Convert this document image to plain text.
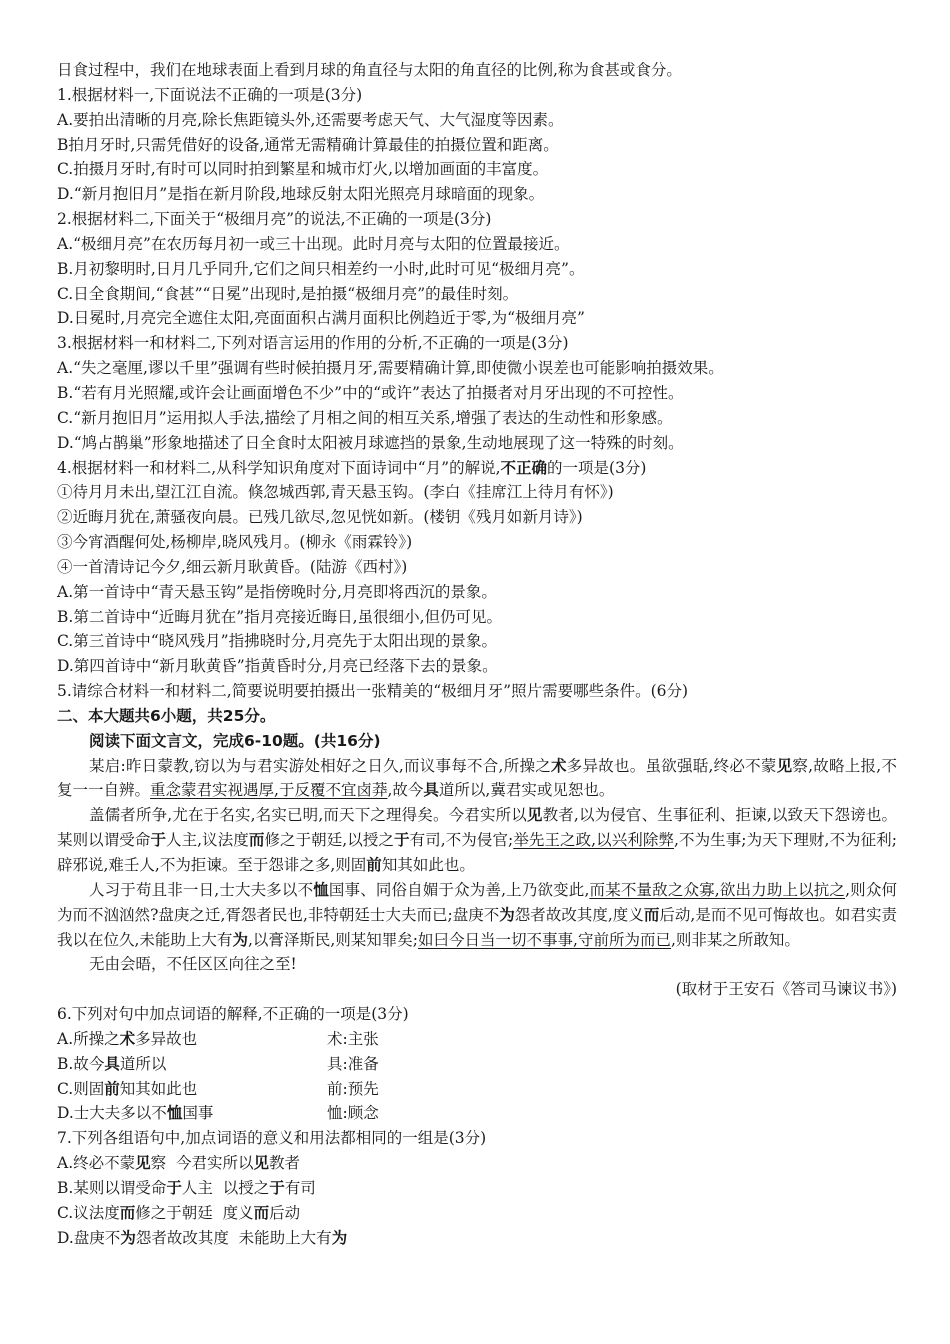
日食过程中，我们在地球表面上看到月球的角直径与太阳的角直径的比例,称为食甚或食分。
1.根据材料一,下面说法不正确的一项是(3分)
A.要拍出清晰的月亮,除长焦距镜头外,还需要考虑天气、大气湿度等因素。
B拍月牙时,只需凭借好的设备,通常无需精确计算最佳的拍摄位置和距离。
C.拍摄月牙时,有时可以同时拍到繁星和城市灯火,以增加画面的丰富度。
D.“新月抱旧月”是指在新月阶段,地球反射太阳光照亮月球暗面的现象。
2.根据材料二,下面关于“极细月亮”的说法,不正确的一项是(3分)
A.“极细月亮”在农历每月初一或三十出现。此时月亮与太阳的位置最接近。
B.月初黎明时,日月几乎同升,它们之间只相差约一小时,此时可见“极细月亮”。
C.日全食期间,“食甚”“日冕”出现时,是拍摄“极细月亮”的最佳时刻。
D.日冕时,月亮完全遮住太阳,亮面面积占满月面积比例趋近于零,为“极细月亮”
3.根据材料一和材料二,下列对语言运用的作用的分析,不正确的一项是(3分)
A.“失之毫厘,谬以千里”强调有些时候拍摄月牙,需要精确计算,即使微小误差也可能影响拍摄效果。
B.“若有月光照耀,或许会让画面增色不少”中的“或许”表达了拍摄者对月牙出现的不可控性。
C.“新月抱旧月”运用拟人手法,描绘了月相之间的相互关系,增强了表达的生动性和形象感。
D.“鸠占鹊巢”形象地描述了日全食时太阳被月球遮挡的景象,生动地展现了这一特殊的时刻。
4.根据材料一和材料二,从科学知识角度对下面诗词中“月”的解说,不正确的一项是(3分)
①待月月未出,望江江自流。倏忽城西郭,青天悬玉钩。(李白《挂席江上待月有怀》)
②近晦月犹在,萧骚夜向晨。已残几欲尽,忽见恍如新。(楼钥《残月如新月诗》)
③今宵酒醒何处,杨柳岸,晓风残月。(柳永《雨霖铃》)
④一首清诗记今夕,细云新月耿黄昏。(陆游《西村》)
A.第一首诗中“青天悬玉钩”是指傍晚时分,月亮即将西沉的景象。
B.第二首诗中“近晦月犹在”指月亮接近晦日,虽很细小,但仍可见。
C.第三首诗中“晓风残月”指拂晓时分,月亮先于太阳出现的景象。
D.第四首诗中“新月耿黄昏”指黄昏时分,月亮已经落下去的景象。
5.请综合材料一和材料二,简要说明要拍摄出一张精美的“极细月牙”照片需要哪些条件。(6分)
二、本大题共6小题，共25分。
阅读下面文言文，完成6-10题。(共16分)
某启:昨日蒙教,窃以为与君实游处相好之日久,而议事每不合,所操之术多异故也。虽欲强聒,终必不蒙见察,故略上报,不复一一自辨。重念蒙君实视遇厚,于反覆不宜卤莽,故今具道所以,冀君实或见恕也。
盖儒者所争,尤在于名实,名实已明,而天下之理得矣。今君实所以见教者,以为侵官、生事征利、拒谏,以致天下怨谤也。某则以谓受命于人主,议法度而修之于朝廷,以授之于有司,不为侵官;举先王之政,以兴利除弊,不为生事;为天下理财,不为征利;辟邪说,难壬人,不为拒谏。至于怨诽之多,则固前知其如此也。
人习于苟且非一日,士大夫多以不恤国事、同俗自媚于众为善,上乃欲变此,而某不量敌之众寡,欲出力助上以抗之,则众何为而不汹汹然?盘庚之迁,胥怨者民也,非特朝廷士大夫而已;盘庚不为怨者故改其度,度义而后动,是而不见可悔故也。如君实责我以在位久,未能助上大有为,以膏泽斯民,则某知罪矣;如曰今日当一切不事事,守前所为而已,则非某之所敢知。
无由会晤，不任区区向往之至!
(取材于王安石《答司马谏议书》)
6.下列对句中加点词语的解释,不正确的一项是(3分)
A.所操之术多异故也	术:主张
B.故今具道所以	具:准备
C.则固前知其如此也	前:预先
D.士大夫多以不恤国事	恤:顾念
7.下列各组语句中,加点词语的意义和用法都相同的一组是(3分)
A.终必不蒙见察  今君实所以见教者
B.某则以谓受命于人主  以授之于有司
C.议法度而修之于朝廷  度义而后动
D.盘庚不为怨者故改其度  未能助上大有为
